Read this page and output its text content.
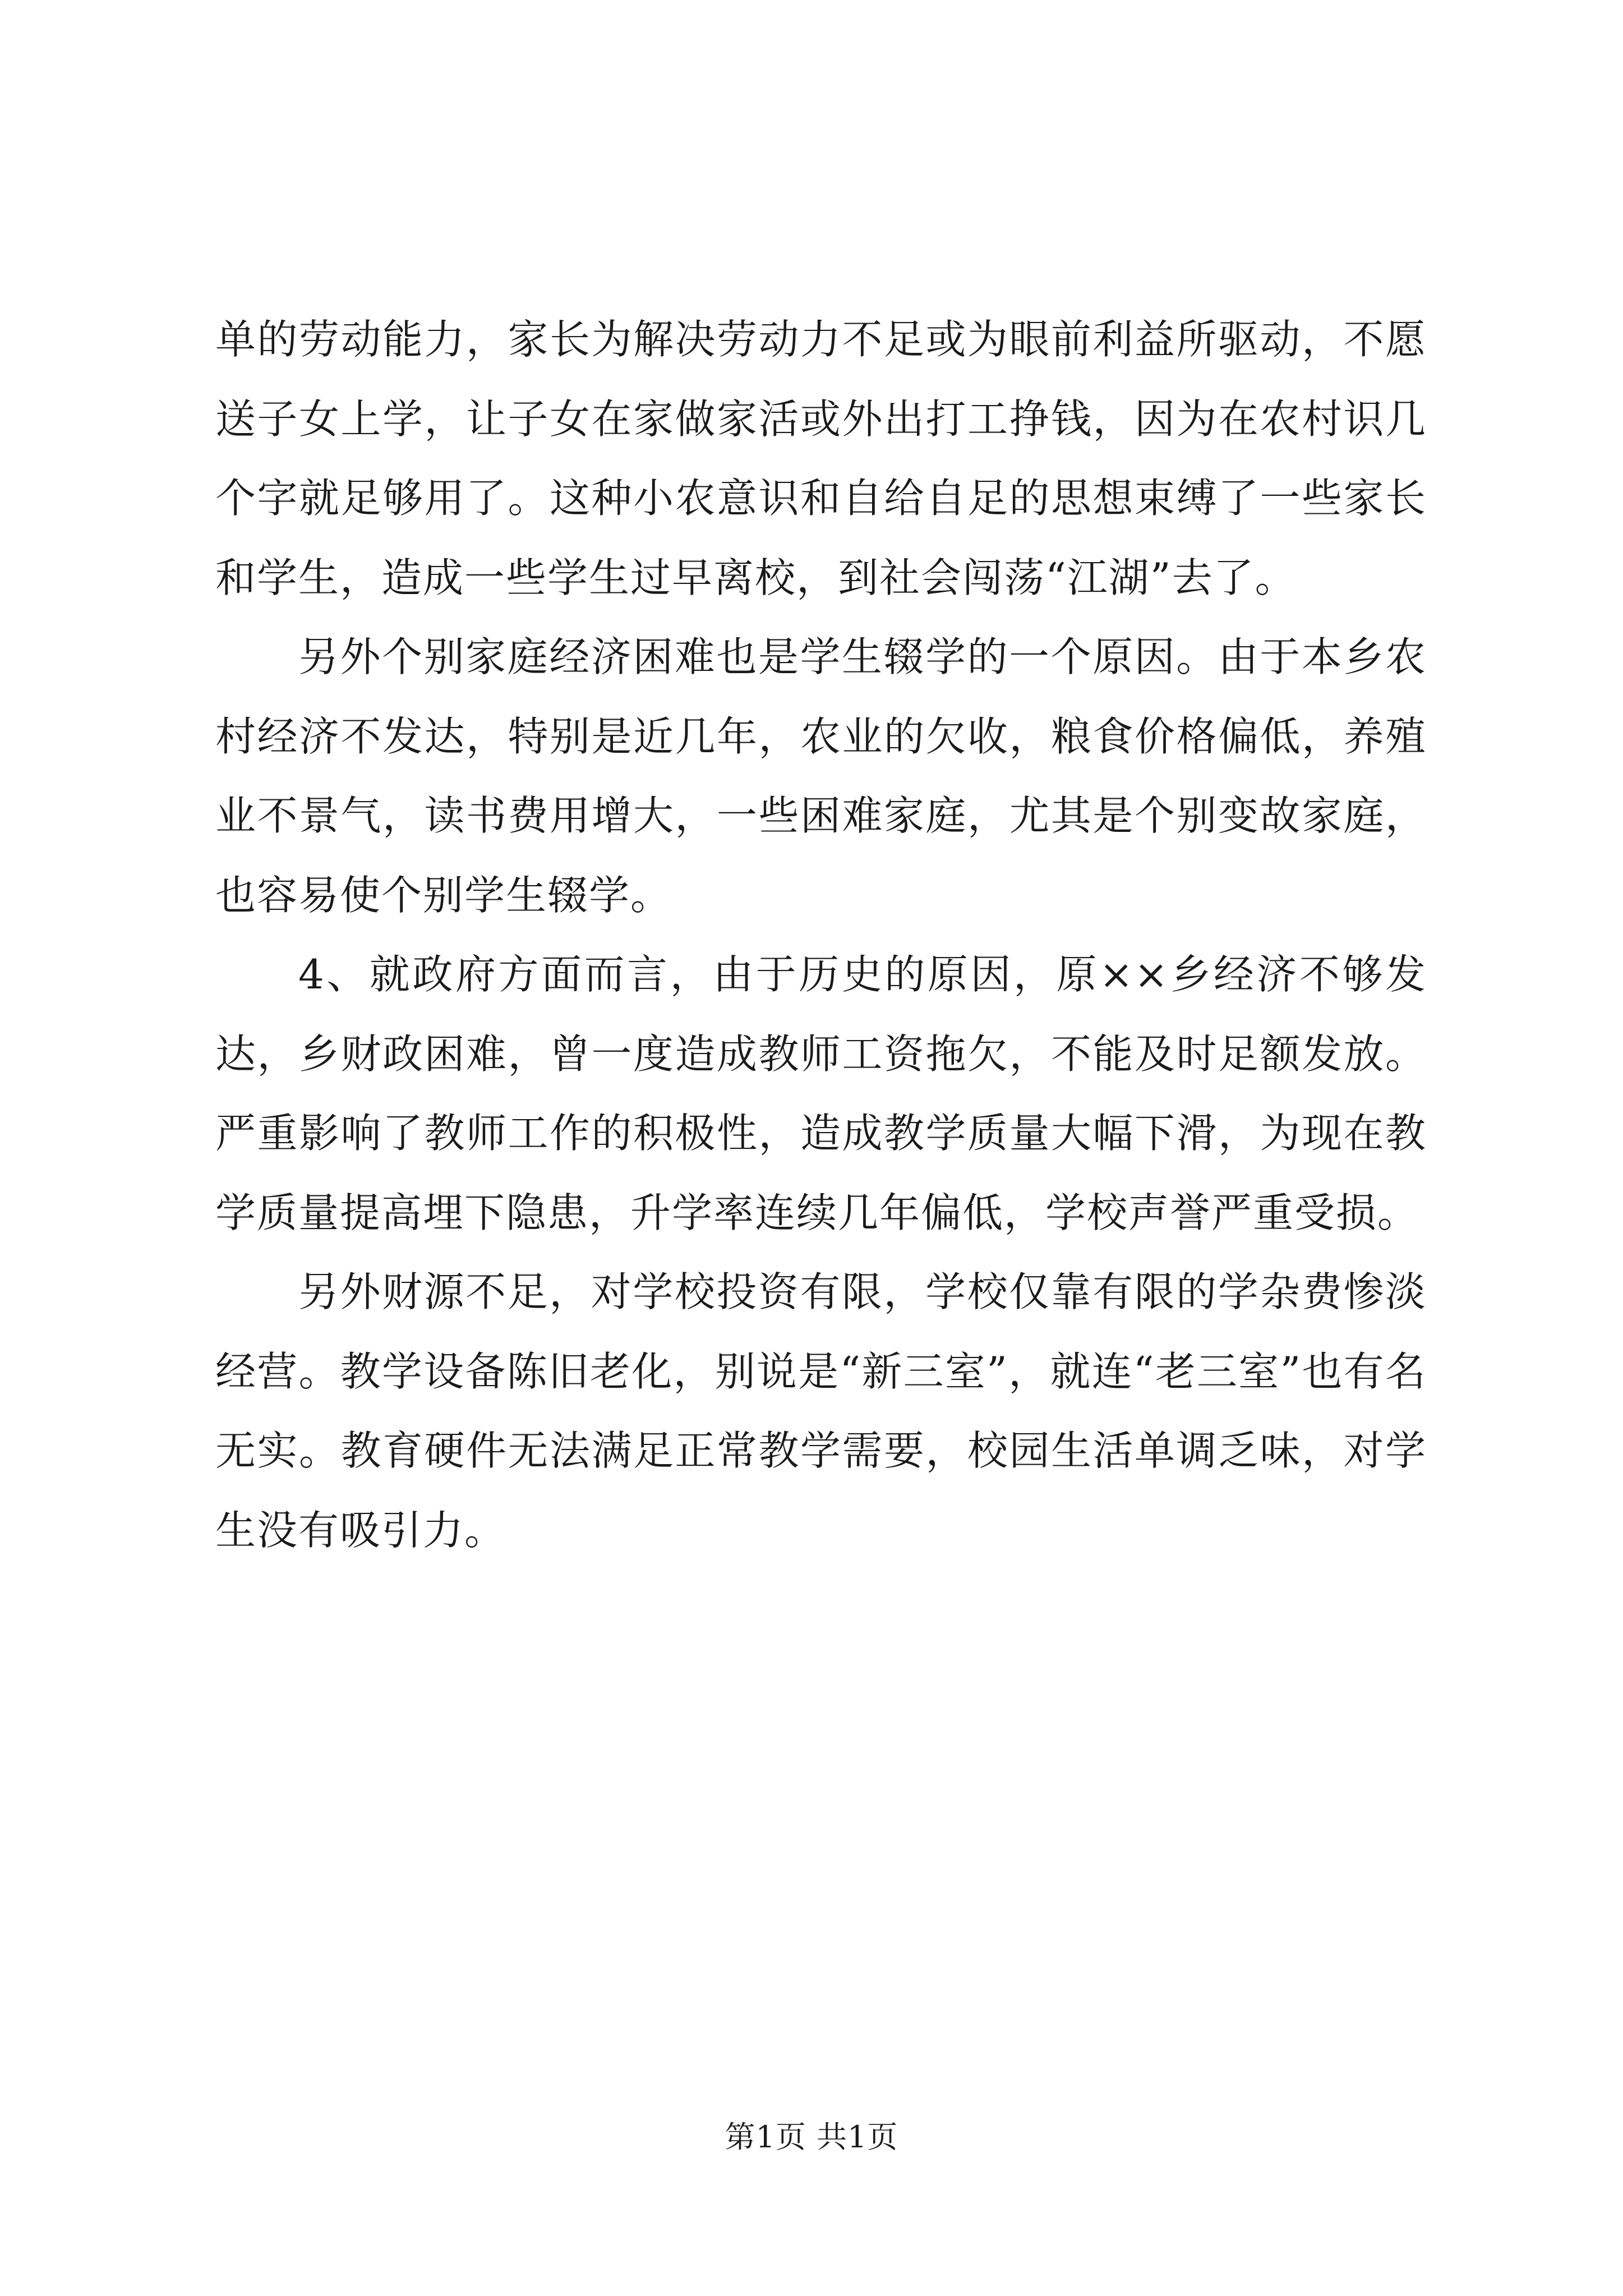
单的劳动能力，家长为解决劳动力不足或为眼前利益所驱动，不愿送子女上学，让子女在家做家活或外出打工挣钱，因为在农村识几个字就足够用了。这种小农意识和自给自足的思想束缚了一些家长和学生，造成一些学生过早离校，到社会闯荡“江湖”去了。

另外个别家庭经济困难也是学生辍学的一个原因。由于本乡农村经济不发达，特别是近几年，农业的欠收，粮食价格偏低，养殖业不景气，读书费用增大，一些困难家庭，尤其是个别变故家庭，也容易使个别学生辍学。

4、就政府方面而言，由于历史的原因，原××乡经济不够发达，乡财政困难，曾一度造成教师工资拖欠，不能及时足额发放。严重影响了教师工作的积极性，造成教学质量大幅下滑，为现在教学质量提高埋下隐患，升学率连续几年偏低，学校声誉严重受损。

另外财源不足，对学校投资有限，学校仅靠有限的学杂费惨淡经营。教学设备陈旧老化，别说是“新三室”，就连“老三室”也有名无实。教育硬件无法满足正常教学需要，校园生活单调乏味，对学生没有吸引力。

第1页 共1页
